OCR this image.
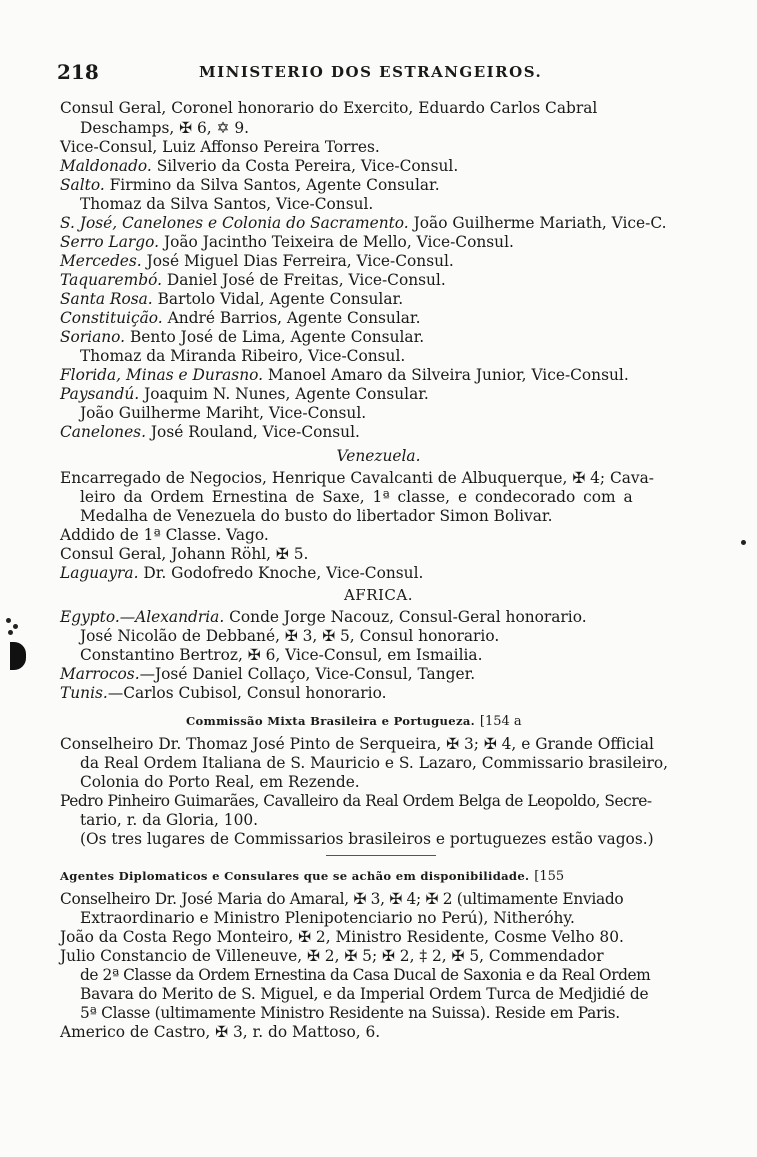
218	MINISTERIO DOS ESTRANGEIROS.
Consul Geral, Coronel honorario do Exercito, Eduardo Carlos Cabral
Deschamps, ✠ 6, ✡ 9.
Vice-Consul, Luiz Affonso Pereira Torres.
Maldonado. Silverio da Costa Pereira, Vice-Consul.
Salto. Firmino da Silva Santos, Agente Consular.
Thomaz da Silva Santos, Vice-Consul.
S. José, Canelones e Colonia do Sacramento. João Guilherme Mariath, Vice-C.
Serro Largo. João Jacintho Teixeira de Mello, Vice-Consul.
Mercedes. José Miguel Dias Ferreira, Vice-Consul.
Taquarembó. Daniel José de Freitas, Vice-Consul.
Santa Rosa. Bartolo Vidal, Agente Consular.
Constituição. André Barrios, Agente Consular.
Soriano. Bento José de Lima, Agente Consular.
Thomaz da Miranda Ribeiro, Vice-Consul.
Florida, Minas e Durasno. Manoel Amaro da Silveira Junior, Vice-Consul.
Paysandú. Joaquim N. Nunes, Agente Consular.
João Guilherme Mariht, Vice-Consul.
Canelones. José Rouland, Vice-Consul.
Venezuela.
Encarregado de Negocios, Henrique Cavalcanti de Albuquerque, ✠ 4; Cava-
leiro da Ordem Ernestina de Saxe, 1ª classe, e condecorado com a
Medalha de Venezuela do busto do libertador Simon Bolivar.
Addido de 1ª Classe. Vago.
Consul Geral, Johann Röhl, ✠ 5.
Laguayra. Dr. Godofredo Knoche, Vice-Consul.
AFRICA.
Egypto.—Alexandria. Conde Jorge Nacouz, Consul-Geral honorario.
José Nicolão de Debbané, ✠ 3, ✠ 5, Consul honorario.
Constantino Bertroz, ✠ 6, Vice-Consul, em Ismailia.
Marrocos.—José Daniel Collaço, Vice-Consul, Tanger.
Tunis.—Carlos Cubisol, Consul honorario.
Commissão Mixta Brasileira e Portugueza. [154 a
Conselheiro Dr. Thomaz José Pinto de Serqueira, ✠ 3; ✠ 4, e Grande Official
da Real Ordem Italiana de S. Mauricio e S. Lazaro, Commissario brasileiro,
Colonia do Porto Real, em Rezende.
Pedro Pinheiro Guimarães, Cavalleiro da Real Ordem Belga de Leopoldo, Secre-
tario, r. da Gloria, 100.
(Os tres lugares de Commissarios brasileiros e portuguezes estão vagos.)
Agentes Diplomaticos e Consulares que se achão em disponibilidade. [155
Conselheiro Dr. José Maria do Amaral, ✠ 3, ✠ 4; ✠ 2 (ultimamente Enviado
Extraordinario e Ministro Plenipotenciario no Perú), Nitheróhy.
João da Costa Rego Monteiro, ✠ 2, Ministro Residente, Cosme Velho 80.
Julio Constancio de Villeneuve, ✠ 2, ✠ 5; ✠ 2, ‡ 2, ✠ 5, Commendador
de 2ª Classe da Ordem Ernestina da Casa Ducal de Saxonia e da Real Ordem
Bavara do Merito de S. Miguel, e da Imperial Ordem Turca de Medjidié de
5ª Classe (ultimamente Ministro Residente na Suissa). Reside em Paris.
Americo de Castro, ✠ 3, r. do Mattoso, 6.
